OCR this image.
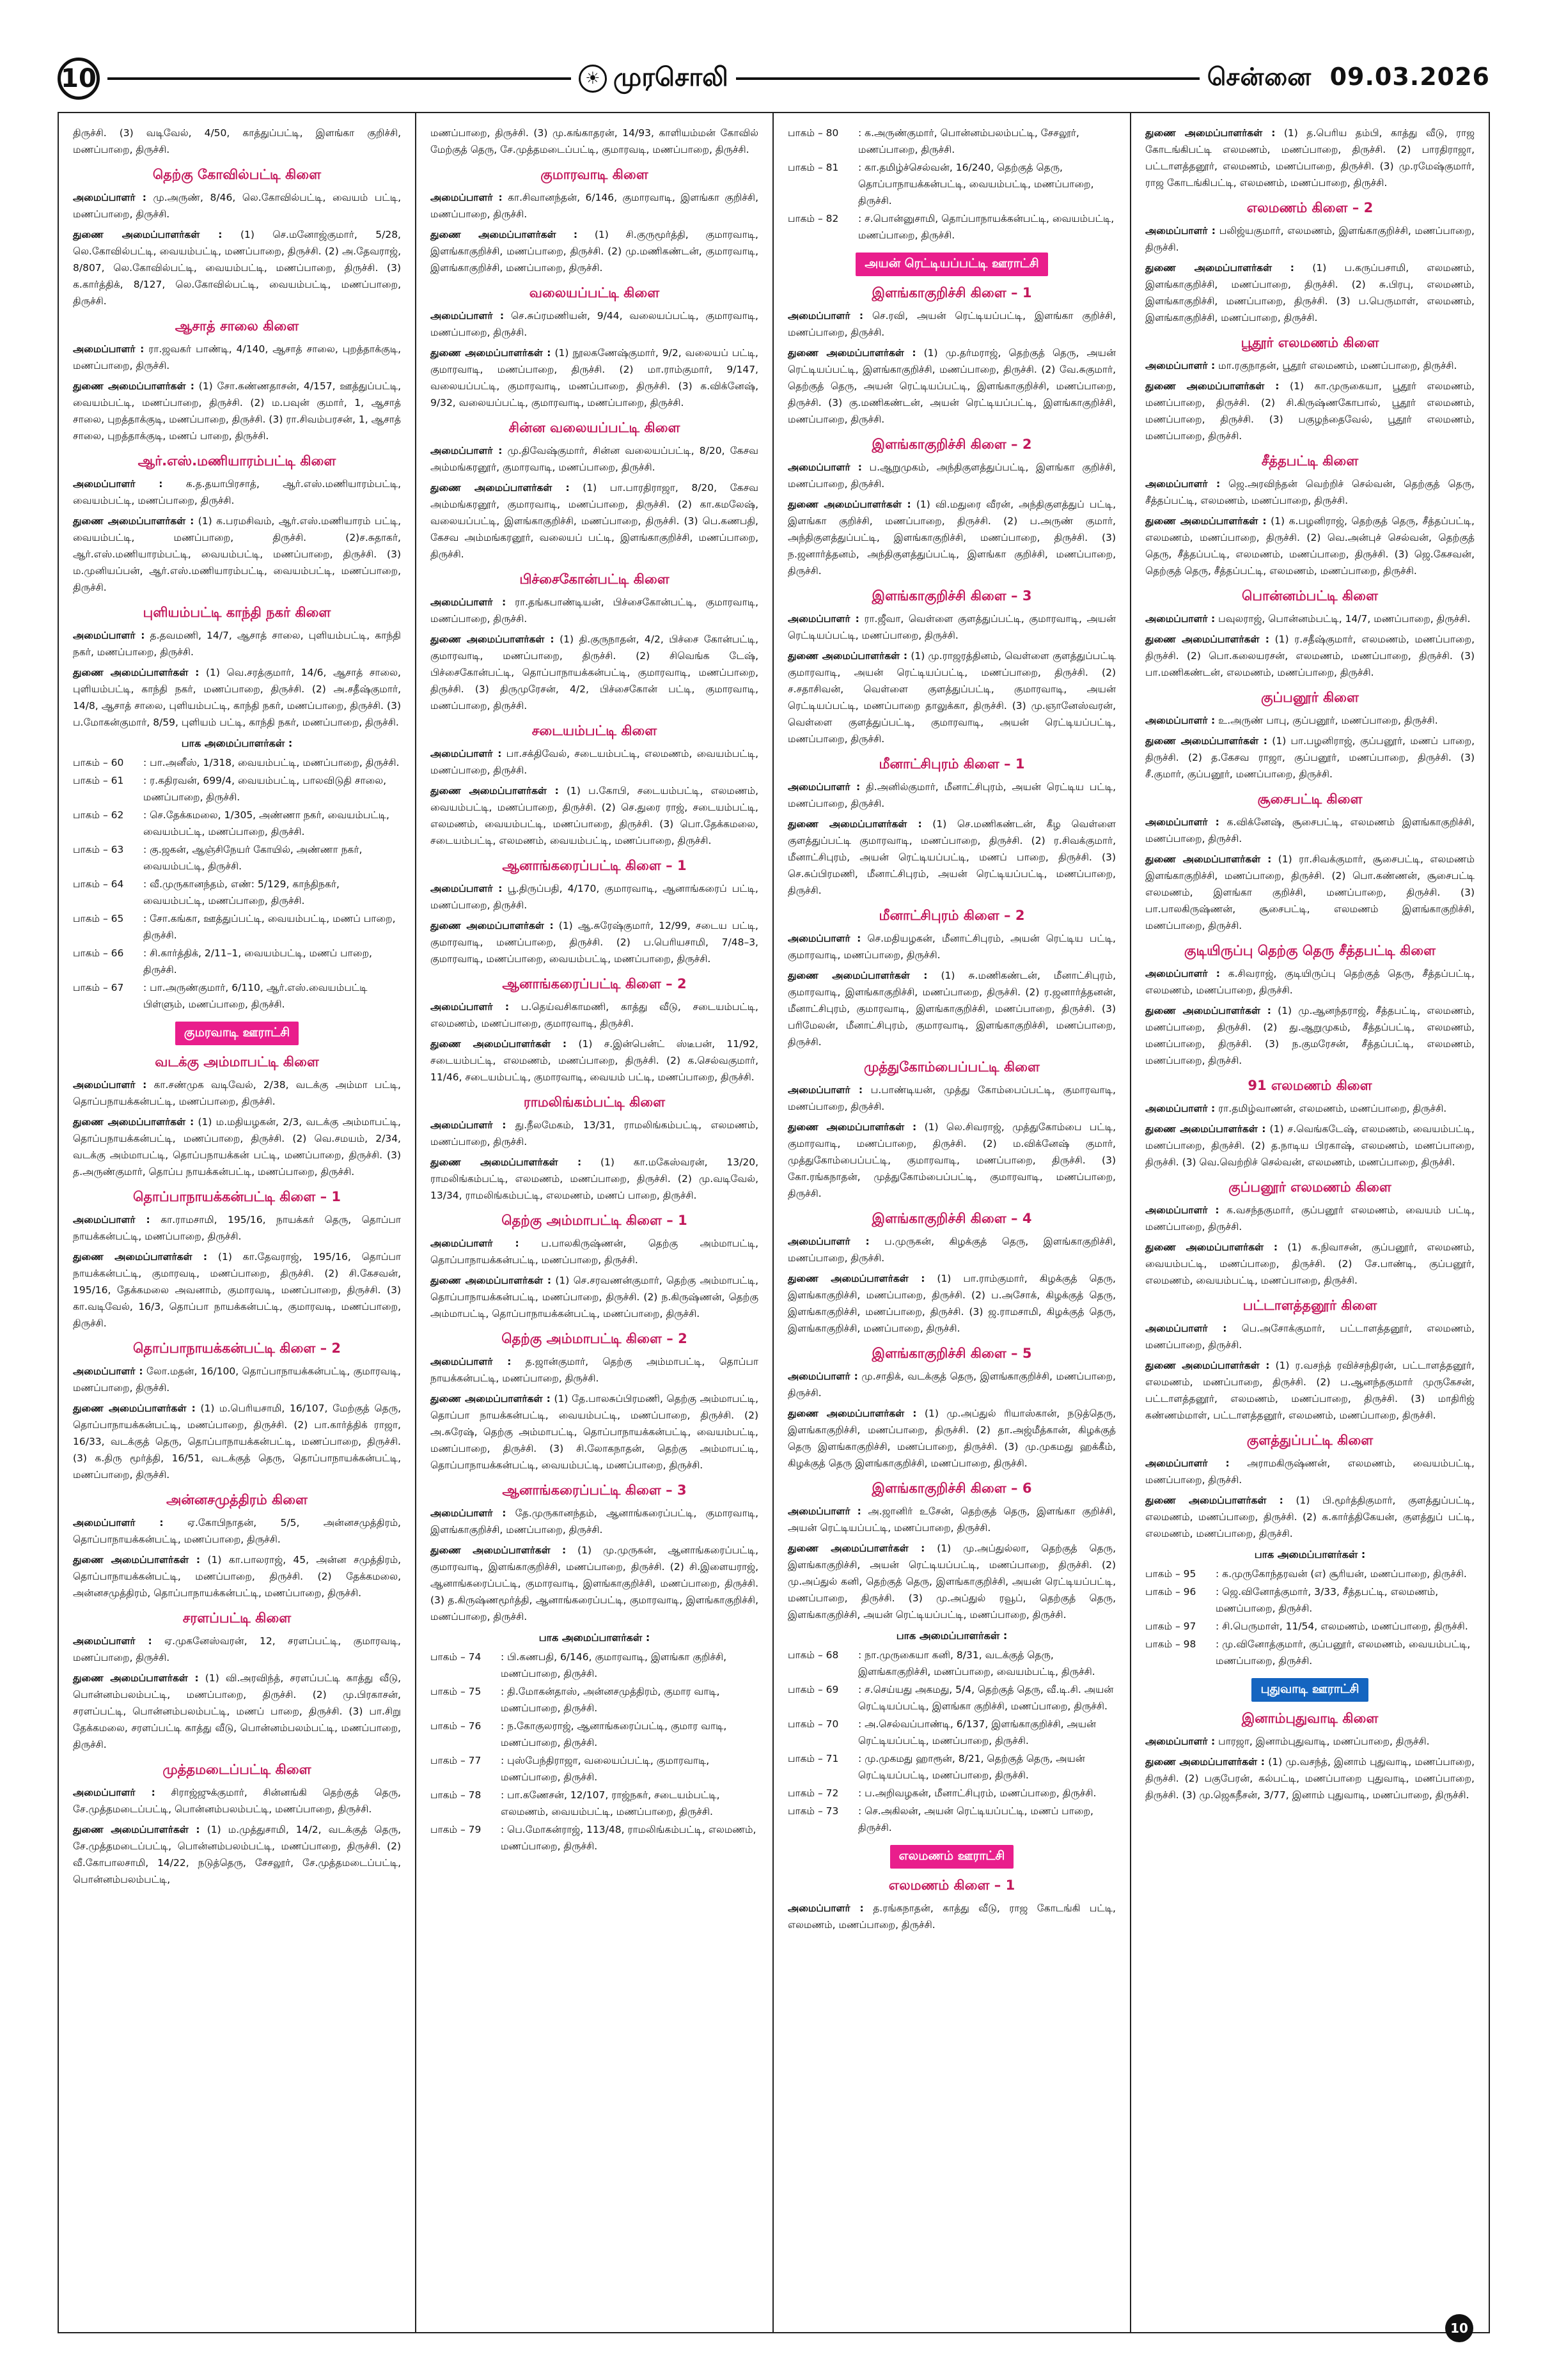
10	☀ முரசொலி	சென்னை 09.03.2026

திருச்சி. (3) வடிவேல், 4/50, காத்துப்பட்டி, இளங்கா குறிச்சி, மணப்பாறை, திருச்சி.

தெற்கு கோவில்பட்டி கிளை

அமைப்பாளர் : மு.அருண், 8/46, லெ.கோவில்பட்டி, வையம் பட்டி, மணப்பாறை, திருச்சி.

துணை அமைப்பாளர்கள் : (1) செ.மனோஜ்குமார், 5/28, லெ.கோவில்பட்டி, வையம்பட்டி, மணப்பாறை, திருச்சி. (2) அ.தேவராஜ், 8/807, லெ.கோவில்பட்டி, வையம்பட்டி, மணப்பாறை, திருச்சி. (3) க.கார்த்திக், 8/127, லெ.கோவில்பட்டி, வையம்பட்டி, மணப்பாறை, திருச்சி.

ஆசாத் சாலை கிளை

அமைப்பாளர் : ரா.ஜவகர் பாண்டி, 4/140, ஆசாத் சாலை, புறத்தாக்குடி, மணப்பாறை, திருச்சி.

துணை அமைப்பாளர்கள் : (1) சோ.கண்ணதாசன், 4/157, ஊத்துப்பட்டி, வையம்பட்டி, மணப்பாறை, திருச்சி. (2) ம.பவுன் குமார், 1, ஆசாத் சாலை, புறத்தாக்குடி, மணப்பாறை, திருச்சி. (3) ரா.சிவம்பரசன், 1, ஆசாத் சாலை, புறத்தாக்குடி, மணப் பாறை, திருச்சி.

ஆர்.எஸ்.மணியாரம்பட்டி கிளை

அமைப்பாளர் : க.த.தயாபிரசாத், ஆர்.எஸ்.மணியாரம்பட்டி, வையம்பட்டி, மணப்பாறை, திருச்சி.

துணை அமைப்பாளர்கள் : (1) க.பரமசிவம், ஆர்.எஸ்.மணியாரம் பட்டி, வையம்பட்டி, மணப்பாறை, திருச்சி. (2)ச.சுதாகர், ஆர்.எஸ்.மணியாரம்பட்டி, வையம்பட்டி, மணப்பாறை, திருச்சி. (3) ம.முனியப்பன், ஆர்.எஸ்.மணியாரம்பட்டி, வையம்பட்டி, மணப்பாறை, திருச்சி.

புளியம்பட்டி காந்தி நகர் கிளை

அமைப்பாளர் : த.தவமணி, 14/7, ஆசாத் சாலை, புளியம்பட்டி, காந்தி நகர், மணப்பாறை, திருச்சி.

துணை அமைப்பாளர்கள் : (1) வெ.சரத்குமார், 14/6, ஆசாத் சாலை, புளியம்பட்டி, காந்தி நகர், மணப்பாறை, திருச்சி. (2) அ.சதீஷ்குமார், 14/8, ஆசாத் சாலை, புளியம்பட்டி, காந்தி நகர், மணப்பாறை, திருச்சி. (3) ப.மோகன்குமார், 8/59, புளியம் பட்டி, காந்தி நகர், மணப்பாறை, திருச்சி.

பாக அமைப்பாளர்கள் :
பாகம் – 60	: பா.அனீஸ், 1/318, வையம்பட்டி, மணப்பாறை, திருச்சி.
பாகம் – 61	: ர.கதிரவன், 699/4, வையம்பட்டி, பாலவிடுதி சாலை, மணப்பாறை, திருச்சி.
பாகம் – 62	: செ.தேக்கமலை, 1/305, அண்ணா நகர், வையம்பட்டி, வையம்பட்டி, மணப்பாறை, திருச்சி.
பாகம் – 63	: கு.ஜகன், ஆஞ்சிநேயர் கோயில், அண்ணா நகர், வையம்பட்டி, திருச்சி.
பாகம் – 64	: வீ.முருகானந்தம், எண்: 5/129, காந்திநகர், வையம்பட்டி, மணப்பாறை, திருச்சி.
பாகம் – 65	: சோ.கங்கா, ஊத்துப்பட்டி, வையம்பட்டி, மணப் பாறை, திருச்சி.
பாகம் – 66	: சி.கார்த்திக், 2/11–1, வையம்பட்டி, மணப் பாறை, திருச்சி.
பாகம் – 67	: பா.அருண்குமார், 6/110, ஆர்.எஸ்.வையம்பட்டி பிள்ளும், மணப்பாறை, திருச்சி.
குமரவாடி ஊராட்சி
வடக்கு அம்மாபட்டி கிளை

அமைப்பாளர் : கா.சண்முக வடிவேல், 2/38, வடக்கு அம்மா பட்டி, தொப்பநாயக்கன்பட்டி, மணப்பாறை, திருச்சி.

துணை அமைப்பாளர்கள் : (1) ம.மதியழகன், 2/3, வடக்கு அம்மாபட்டி, தொப்பநாயக்கன்பட்டி, மணப்பாறை, திருச்சி. (2) வெ.சமயம், 2/34, வடக்கு அம்மாபட்டி, தொப்பநாயக்கன் பட்டி, மணப்பாறை, திருச்சி. (3) த.அருண்குமார், தொப்ப நாயக்கன்பட்டி, மணப்பாறை, திருச்சி.

தொப்பாநாயக்கன்பட்டி கிளை – 1

அமைப்பாளர் : கா.ராமசாமி, 195/16, நாயக்கர் தெரு, தொப்பா நாயக்கன்பட்டி, மணப்பாறை, திருச்சி.

துணை அமைப்பாளர்கள் : (1) கா.தேவராஜ், 195/16, தொப்பா நாயக்கன்பட்டி, குமாரவடி, மணப்பாறை, திருச்சி. (2) சி.கேசவன், 195/16, தேக்கமலை அவனாம், குமாரவடி, மணப்பாறை, திருச்சி. (3) கா.வடிவேல், 16/3, தொப்பா நாயக்கன்பட்டி, குமாரவடி, மணப்பாறை, திருச்சி.

தொப்பாநாயக்கன்பட்டி கிளை – 2

அமைப்பாளர் : லோ.மதன், 16/100, தொப்பாநாயக்கன்பட்டி, குமாரவடி, மணப்பாறை, திருச்சி.

துணை அமைப்பாளர்கள் : (1) ம.பெரியசாமி, 16/107, மேற்குத் தெரு, தொப்பாநாயக்கன்பட்டி, மணப்பாறை, திருச்சி. (2) பா.கார்த்திக் ராஜா, 16/33, வடக்குத் தெரு, தொப்பாநாயக்கன்பட்டி, மணப்பாறை, திருச்சி. (3) க.திரு மூர்த்தி, 16/51, வடக்குத் தெரு, தொப்பாநாயக்கன்பட்டி, மணப்பாறை, திருச்சி.

அன்னசமுத்திரம் கிளை

அமைப்பாளர் : ஏ.கோபிநாதன், 5/5, அன்னசமுத்திரம், தொப்பாநாயக்கன்பட்டி, மணப்பாறை, திருச்சி.

துணை அமைப்பாளர்கள் : (1) கா.பாலராஜ், 45, அன்ன சமுத்திரம், தொப்பாநாயக்கன்பட்டி, மணப்பாறை, திருச்சி. (2) தேக்கமலை, அன்னசமுத்திரம், தொப்பாநாயக்கன்பட்டி, மணப்பாறை, திருச்சி.

சரளப்பட்டி கிளை

அமைப்பாளர் : ஏ.முகனேஸ்வரன், 12, சரளப்பட்டி, குமாரவடி, மணப்பாறை, திருச்சி.

துணை அமைப்பாளர்கள் : (1) வி.அரவிந்த், சரளப்பட்டி காத்து வீடு, பொன்னம்பலம்பட்டி, மணப்பாறை, திருச்சி. (2) மு.பிரகாசன், சரளப்பட்டி, பொன்னம்பலம்பட்டி, மணப் பாறை, திருச்சி. (3) பா.சிறு தேக்கமலை, சரளப்பட்டி காத்து வீடு, பொன்னம்பலம்பட்டி, மணப்பாறை, திருச்சி.

முத்தமடைப்பட்டி கிளை

அமைப்பாளர் : சிராஜ்ஜுக்குமார், சின்னங்கி தெற்குத் தெரு, சே.முத்தமடைப்பட்டி, பொன்னம்பலம்பட்டி, மணப்பாறை, திருச்சி.

துணை அமைப்பாளர்கள் : (1) ம.முத்துசாமி, 14/2, வடக்குத் தெரு, சே.முத்தமடைப்பட்டி, பொன்னம்பலம்பட்டி, மணப்பாறை, திருச்சி. (2) வீ.கோபாலசாமி, 14/22, நடுத்தெரு, சேசலூர், சே.முத்தமடைப்பட்டி, பொன்னம்பலம்பட்டி,

மணப்பாறை, திருச்சி. (3) மு.கங்காதரன், 14/93, காளியம்மன் கோவில் மேற்குத் தெரு, சே.முத்தமடைப்பட்டி, குமாரவடி, மணப்பாறை, திருச்சி.

குமாரவாடி கிளை

அமைப்பாளர் : கா.சிவானந்தன், 6/146, குமாரவாடி, இளங்கா குறிச்சி, மணப்பாறை, திருச்சி.

துணை அமைப்பாளர்கள் : (1) சி.குருமூர்த்தி, குமாரவாடி, இளங்காகுறிச்சி, மணப்பாறை, திருச்சி. (2) மு.மணிகண்டன், குமாரவாடி, இளங்காகுறிச்சி, மணப்பாறை, திருச்சி.

வலையப்பட்டி கிளை

அமைப்பாளர் : செ.சுப்ரமணியன், 9/44, வலையப்பட்டி, குமாரவாடி, மணப்பாறை, திருச்சி.

துணை அமைப்பாளர்கள் : (1) நூலகணேஷ்குமார், 9/2, வலையப் பட்டி, குமாரவாடி, மணப்பாறை, திருச்சி. (2) மா.ராம்குமார், 9/147, வலையப்பட்டி, குமாரவாடி, மணப்பாறை, திருச்சி. (3) க.விக்னேஷ், 9/32, வலையப்பட்டி, குமாரவாடி, மணப்பாறை, திருச்சி.

சின்ன வலையப்பட்டி கிளை

அமைப்பாளர் : மு.திவேஷ்குமார், சின்ன வலையப்பட்டி, 8/20, கேசவ அம்மங்கரனூர், குமாரவாடி, மணப்பாறை, திருச்சி.

துணை அமைப்பாளர்கள் : (1) பா.பாரதிராஜா, 8/20, கேசவ அம்மங்கரனூர், குமாரவாடி, மணப்பாறை, திருச்சி. (2) கா.கமலேஷ், வலையப்பட்டி, இளங்காகுறிச்சி, மணப்பாறை, திருச்சி. (3) பெ.கணபதி, கேசவ அம்மங்கரனூர், வலையப் பட்டி, இளங்காகுறிச்சி, மணப்பாறை, திருச்சி.

பிச்சைகோன்பட்டி கிளை

அமைப்பாளர் : ரா.தங்கபாண்டியன், பிச்சைகோன்பட்டி, குமாரவாடி, மணப்பாறை, திருச்சி.

துணை அமைப்பாளர்கள் : (1) தி.குருநாதன், 4/2, பிச்சை கோன்பட்டி, குமாரவாடி, மணப்பாறை, திருச்சி. (2) சிவெங்க டேஷ், பிச்சைகோன்பட்டி, தொப்பாநாயக்கன்பட்டி, குமாரவாடி, மணப்பாறை, திருச்சி. (3) திருமுரேசன், 4/2, பிச்சைகோன் பட்டி, குமாரவாடி, மணப்பாறை, திருச்சி.

சடையம்பட்டி கிளை

அமைப்பாளர் : பா.சக்திவேல், சடையம்பட்டி, எலமணம், வையம்பட்டி, மணப்பாறை, திருச்சி.

துணை அமைப்பாளர்கள் : (1) ப.கோபி, சடையம்பட்டி, எலமணம், வையம்பட்டி, மணப்பாறை, திருச்சி. (2) செ.துரை ராஜ், சடையம்பட்டி, எலமணம், வையம்பட்டி, மணப்பாறை, திருச்சி. (3) பொ.தேக்கமலை, சடையம்பட்டி, எலமணம், வையம்பட்டி, மணப்பாறை, திருச்சி.

ஆனாங்கரைப்பட்டி கிளை – 1

அமைப்பாளர் : பூ.திருப்பதி, 4/170, குமாரவாடி, ஆனாங்கரைப் பட்டி, மணப்பாறை, திருச்சி.

துணை அமைப்பாளர்கள் : (1) ஆ.சுரேஷ்குமார், 12/99, சடைய பட்டி, குமாரவாடி, மணப்பாறை, திருச்சி. (2) ப.பெரியசாமி, 7/48–3, குமாரவாடி, மணப்பாறை, வையம்பட்டி, மணப்பாறை, திருச்சி.

ஆனாங்கரைப்பட்டி கிளை – 2

அமைப்பாளர் : ப.தெய்வசிகாமணி, காத்து வீடு, சடையம்பட்டி, எலமணம், மணப்பாறை, குமாரவாடி, திருச்சி.

துணை அமைப்பாளர்கள் : (1) ச.இன்பென்ட் ஸ்டீபன், 11/92, சடையம்பட்டி, எலமணம், மணப்பாறை, திருச்சி. (2) க.செல்வகுமார், 11/46, சடையம்பட்டி, குமாரவாடி, வையம் பட்டி, மணப்பாறை, திருச்சி.

ராமலிங்கம்பட்டி கிளை

அமைப்பாளர் : து.நீலமேகம், 13/31, ராமலிங்கம்பட்டி, எலமணம், மணப்பாறை, திருச்சி.

துணை அமைப்பாளர்கள் : (1) கா.மகேஸ்வரன், 13/20, ராமலிங்கம்பட்டி, எலமணம், மணப்பாறை, திருச்சி. (2) மு.வடிவேல், 13/34, ராமலிங்கம்பட்டி, எலமணம், மணப் பாறை, திருச்சி.

தெற்கு அம்மாபட்டி கிளை – 1

அமைப்பாளர் : ப.பாலகிருஷ்ணன், தெற்கு அம்மாபட்டி, தொப்பாநாயக்கன்பட்டி, மணப்பாறை, திருச்சி.

துணை அமைப்பாளர்கள் : (1) செ.சரவணன்குமார், தெற்கு அம்மாபட்டி, தொப்பாநாயக்கன்பட்டி, மணப்பாறை, திருச்சி. (2) ந.கிருஷ்ணன், தெற்கு அம்மாபட்டி, தொப்பாநாயக்கன்பட்டி, மணப்பாறை, திருச்சி.

தெற்கு அம்மாபட்டி கிளை – 2

அமைப்பாளர் : த.ஜான்குமார், தெற்கு அம்மாபட்டி, தொப்பா நாயக்கன்பட்டி, மணப்பாறை, திருச்சி.

துணை அமைப்பாளர்கள் : (1) தே.பாலசுப்பிரமணி, தெற்கு அம்மாபட்டி, தொப்பா நாயக்கன்பட்டி, வையம்பட்டி, மணப்பாறை, திருச்சி. (2) அ.சுரேஷ், தெற்கு அம்மாபட்டி, தொப்பாநாயக்கன்பட்டி, வையம்பட்டி, மணப்பாறை, திருச்சி. (3) சி.லோகநாதன், தெற்கு அம்மாபட்டி, தொப்பாநாயக்கன்பட்டி, வையம்பட்டி, மணப்பாறை, திருச்சி.

ஆனாங்கரைப்பட்டி கிளை – 3

அமைப்பாளர் : தே.முருகானந்தம், ஆனாங்கரைப்பட்டி, குமாரவாடி, இளங்காகுறிச்சி, மணப்பாறை, திருச்சி.

துணை அமைப்பாளர்கள் : (1) மு.முருகன், ஆனாங்கரைப்பட்டி, குமாரவாடி, இளங்காகுறிச்சி, மணப்பாறை, திருச்சி. (2) சி.இளையராஜ், ஆனாங்கரைப்பட்டி, குமாரவாடி, இளங்காகுறிச்சி, மணப்பாறை, திருச்சி. (3) த.கிருஷ்ணமூர்த்தி, ஆனாங்கரைப்பட்டி, குமாரவாடி, இளங்காகுறிச்சி, மணப்பாறை, திருச்சி.

பாக அமைப்பாளர்கள் :
பாகம் – 74	: பி.கணபதி, 6/146, குமாரவாடி, இளங்கா குறிச்சி, மணப்பாறை, திருச்சி.
பாகம் – 75	: தி.மோகன்தாஸ், அன்னசமுத்திரம், குமார வாடி, மணப்பாறை, திருச்சி.
பாகம் – 76	: ந.கோகுலராஜ், ஆனாங்கரைப்பட்டி, குமார வாடி, மணப்பாறை, திருச்சி.
பாகம் – 77	: புஸ்பேந்திராஜா, வலையப்பட்டி, குமாரவாடி, மணப்பாறை, திருச்சி.
பாகம் – 78	: பா.கணேசன், 12/107, ராஜ்நகர், சடையம்பட்டி, எலமணம், வையம்பட்டி, மணப்பாறை, திருச்சி.
பாகம் – 79	: பெ.மோகன்ராஜ், 113/48, ராமலிங்கம்பட்டி, எலமணம், மணப்பாறை, திருச்சி.
பாகம் – 80	: க.அருண்குமார், பொன்னம்பலம்பட்டி, சேசலூர், மணப்பாறை, திருச்சி.
பாகம் – 81	: கா.தமிழ்ச்செல்வன், 16/240, தெற்குத் தெரு, தொப்பாநாயக்கன்பட்டி, வையம்பட்டி, மணப்பாறை, திருச்சி.
பாகம் – 82	: ச.பொன்னுசாமி, தொப்பாநாயக்கன்பட்டி, வையம்பட்டி, மணப்பாறை, திருச்சி.
அயன் ரெட்டியப்பட்டி ஊராட்சி
இளங்காகுறிச்சி கிளை – 1

அமைப்பாளர் : செ.ரவி, அயன் ரெட்டியப்பட்டி, இளங்கா குறிச்சி, மணப்பாறை, திருச்சி.

துணை அமைப்பாளர்கள் : (1) மு.தர்மராஜ், தெற்குத் தெரு, அயன் ரெட்டியப்பட்டி, இளங்காகுறிச்சி, மணப்பாறை, திருச்சி. (2) வே.சுகுமார், தெற்குத் தெரு, அயன் ரெட்டியப்பட்டி, இளங்காகுறிச்சி, மணப்பாறை, திருச்சி. (3) கு.மணிகண்டன், அயன் ரெட்டியப்பட்டி, இளங்காகுறிச்சி, மணப்பாறை, திருச்சி.

இளங்காகுறிச்சி கிளை – 2

அமைப்பாளர் : ப.ஆறுமுகம், அந்திகுளத்துப்பட்டி, இளங்கா குறிச்சி, மணப்பாறை, திருச்சி.

துணை அமைப்பாளர்கள் : (1) வி.மதுரை வீரன், அந்திகுளத்துப் பட்டி, இளங்கா குறிச்சி, மணப்பாறை, திருச்சி. (2) ப.அருண் குமார், அந்திகுளத்துப்பட்டி, இளங்காகுறிச்சி, மணப்பாறை, திருச்சி. (3) ந.ஜனார்த்தனம், அந்திகுளத்துப்பட்டி, இளங்கா குறிச்சி, மணப்பாறை, திருச்சி.

இளங்காகுறிச்சி கிளை – 3

அமைப்பாளர் : ரா.ஜீவா, வெள்ளை குளத்துப்பட்டி, குமாரவாடி, அயன் ரெட்டியப்பட்டி, மணப்பாறை, திருச்சி.

துணை அமைப்பாளர்கள் : (1) மு.ராஜரத்தினம், வெள்ளை குளத்துப்பட்டி குமாரவாடி, அயன் ரெட்டியப்பட்டி, மணப்பாறை, திருச்சி. (2) ச.சதாசிவன், வெள்ளை குளத்துப்பட்டி, குமாரவாடி, அயன் ரெட்டியப்பட்டி, மணப்பாறை தாலுக்கா, திருச்சி. (3) மு.ஞானேஸ்வரன், வெள்ளை குளத்துப்பட்டி, குமாரவாடி, அயன் ரெட்டியப்பட்டி, மணப்பாறை, திருச்சி.

மீனாட்சிபுரம் கிளை – 1

அமைப்பாளர் : தி.அனில்குமார், மீனாட்சிபுரம், அயன் ரெட்டிய பட்டி, மணப்பாறை, திருச்சி.

துணை அமைப்பாளர்கள் : (1) செ.மணிகண்டன், கீழ வெள்ளை குளத்துப்பட்டி குமாரவாடி, மணப்பாறை, திருச்சி. (2) ர.சிவக்குமார், மீனாட்சிபுரம், அயன் ரெட்டியப்பட்டி, மணப் பாறை, திருச்சி. (3) செ.சுப்பிரமணி, மீனாட்சிபுரம், அயன் ரெட்டியப்பட்டி, மணப்பாறை, திருச்சி.

மீனாட்சிபுரம் கிளை – 2

அமைப்பாளர் : செ.மதியழகன், மீனாட்சிபுரம், அயன் ரெட்டிய பட்டி, குமாரவாடி, மணப்பாறை, திருச்சி.

துணை அமைப்பாளர்கள் : (1) சு.மணிகண்டன், மீனாட்சிபுரம், குமாரவாடி, இளங்காகுறிச்சி, மணப்பாறை, திருச்சி. (2) ர.ஜனார்த்தனன், மீனாட்சிபுரம், குமாரவாடி, இளங்காகுறிச்சி, மணப்பாறை, திருச்சி. (3) பரிமேலன், மீனாட்சிபுரம், குமாரவாடி, இளங்காகுறிச்சி, மணப்பாறை, திருச்சி.

முத்துகோம்பைப்பட்டி கிளை

அமைப்பாளர் : ப.பாண்டியன், முத்து கோம்பைப்பட்டி, குமாரவாடி, மணப்பாறை, திருச்சி.

துணை அமைப்பாளர்கள் : (1) லெ.சிவராஜ், முத்துகோம்பை பட்டி, குமாரவாடி, மணப்பாறை, திருச்சி. (2) ம.விக்னேஷ் குமார், முத்துகோம்பைப்பட்டி, குமாரவாடி, மணப்பாறை, திருச்சி. (3) கோ.ரங்கநாதன், முத்துகோம்பைப்பட்டி, குமாரவாடி, மணப்பாறை, திருச்சி.

இளங்காகுறிச்சி கிளை – 4

அமைப்பாளர் : ப.முருகன், கிழக்குத் தெரு, இளங்காகுறிச்சி, மணப்பாறை, திருச்சி.

துணை அமைப்பாளர்கள் : (1) பா.ராம்குமார், கிழக்குத் தெரு, இளங்காகுறிச்சி, மணப்பாறை, திருச்சி. (2) ப.அசோக், கிழக்குத் தெரு, இளங்காகுறிச்சி, மணப்பாறை, திருச்சி. (3) ஜ.ராமசாமி, கிழக்குத் தெரு, இளங்காகுறிச்சி, மணப்பாறை, திருச்சி.

இளங்காகுறிச்சி கிளை – 5

அமைப்பாளர் : மு.சாதிக், வடக்குத் தெரு, இளங்காகுறிச்சி, மணப்பாறை, திருச்சி.

துணை அமைப்பாளர்கள் : (1) மு.அப்துல் ரியாஸ்கான், நடுத்தெரு, இளங்காகுறிச்சி, மணப்பாறை, திருச்சி. (2) தா.அஜ்மீத்கான், கிழக்குத் தெரு இளங்காகுறிச்சி, மணப்பாறை, திருச்சி. (3) மு.முகமது ஹக்கீம், கிழக்குத் தெரு இளங்காகுறிச்சி, மணப்பாறை, திருச்சி.

இளங்காகுறிச்சி கிளை – 6

அமைப்பாளர் : அ.ஜானிர் உசேன், தெற்குத் தெரு, இளங்கா குறிச்சி, அயன் ரெட்டியப்பட்டி, மணப்பாறை, திருச்சி.

துணை அமைப்பாளர்கள் : (1) மு.அப்துல்லா, தெற்குத் தெரு, இளங்காகுறிச்சி, அயன் ரெட்டியப்பட்டி, மணப்பாறை, திருச்சி. (2) மு.அப்துல் கனி, தெற்குத் தெரு, இளங்காகுறிச்சி, அயன் ரெட்டியப்பட்டி, மணப்பாறை, திருச்சி. (3) மு.அப்துல் ரவூப், தெற்குத் தெரு, இளங்காகுறிச்சி, அயன் ரெட்டியப்பட்டி, மணப்பாறை, திருச்சி.

பாக அமைப்பாளர்கள் :
பாகம் – 68	: நா.முருகையா கனி, 8/31, வடக்குத் தெரு, இளங்காகுறிச்சி, மணப்பாறை, வையம்பட்டி, திருச்சி.
பாகம் – 69	: ச.செய்யது அகமது, 5/4, தெற்குத் தெரு, வீ.டி.சி. அயன் ரெட்டியப்பட்டி, இளங்கா குறிச்சி, மணப்பாறை, திருச்சி.
பாகம் – 70	: அ.செல்வப்பாண்டி, 6/137, இளங்காகுறிச்சி, அயன் ரெட்டியப்பட்டி, மணப்பாறை, திருச்சி.
பாகம் – 71	: மு.முகமது ஹாரூன், 8/21, தெற்குத் தெரு, அயன் ரெட்டியப்பட்டி, மணப்பாறை, திருச்சி.
பாகம் – 72	: ப.அறிவழகன், மீனாட்சிபுரம், மணப்பாறை, திருச்சி.
பாகம் – 73	: செ.அகிலன், அயன் ரெட்டியப்பட்டி, மணப் பாறை, திருச்சி.
எலமணம் ஊராட்சி
எலமணம் கிளை – 1

அமைப்பாளர் : த.ரங்கநாதன், காத்து வீடு, ராஜ கோடங்கி பட்டி, எலமணம், மணப்பாறை, திருச்சி.

துணை அமைப்பாளர்கள் : (1) த.பெரிய தம்பி, காத்து வீடு, ராஜ கோடங்கிபட்டி எலமணம், மணப்பாறை, திருச்சி. (2) பாரதிராஜா, பட்டாளத்தனூர், எலமணம், மணப்பாறை, திருச்சி. (3) மு.ரமேஷ்குமார், ராஜ கோடங்கிபட்டி, எலமணம், மணப்பாறை, திருச்சி.

எலமணம் கிளை – 2

அமைப்பாளர் : பலிஜ்யகுமார், எலமணம், இளங்காகுறிச்சி, மணப்பாறை, திருச்சி.

துணை அமைப்பாளர்கள் : (1) ப.கருப்பசாமி, எலமணம், இளங்காகுறிச்சி, மணப்பாறை, திருச்சி. (2) சு.பிரபு, எலமணம், இளங்காகுறிச்சி, மணப்பாறை, திருச்சி. (3) ப.பெருமாள், எலமணம், இளங்காகுறிச்சி, மணப்பாறை, திருச்சி.

பூதூர் எலமணம் கிளை

அமைப்பாளர் : மா.ரகுநாதன், பூதூர் எலமணம், மணப்பாறை, திருச்சி.

துணை அமைப்பாளர்கள் : (1) கா.முருகையா, பூதூர் எலமணம், மணப்பாறை, திருச்சி. (2) சி.கிருஷ்ணகோபால், பூதூர் எலமணம், மணப்பாறை, திருச்சி. (3) பகுழந்தைவேல், பூதூர் எலமணம், மணப்பாறை, திருச்சி.

சீத்தபட்டி கிளை

அமைப்பாளர் : ஜெ.அரவிந்தன் வெற்றிச் செல்வன், தெற்குத் தெரு, சீத்தப்பட்டி, எலமணம், மணப்பாறை, திருச்சி.

துணை அமைப்பாளர்கள் : (1) க.பழனிராஜ், தெற்குத் தெரு, சீத்தப்பட்டி, எலமணம், மணப்பாறை, திருச்சி. (2) வெ.அன்புச் செல்வன், தெற்குத் தெரு, சீத்தப்பட்டி, எலமணம், மணப்பாறை, திருச்சி. (3) ஜெ.கேசவன், தெற்குத் தெரு, சீத்தப்பட்டி, எலமணம், மணப்பாறை, திருச்சி.

பொன்னம்பட்டி கிளை

அமைப்பாளர் : பவுலராஜ், பொன்னம்பட்டி, 14/7, மணப்பாறை, திருச்சி.

துணை அமைப்பாளர்கள் : (1) ர.சதீஷ்குமார், எலமணம், மணப்பாறை, திருச்சி. (2) பொ.கலையரசன், எலமணம், மணப்பாறை, திருச்சி. (3) பா.மணிகண்டன், எலமணம், மணப்பாறை, திருச்சி.

குப்பனூர் கிளை

அமைப்பாளர் : உ.அருண் பாபு, குப்பனூர், மணப்பாறை, திருச்சி.

துணை அமைப்பாளர்கள் : (1) பா.பழனிராஜ், குப்பனூர், மணப் பாறை, திருச்சி. (2) த.கேசவ ராஜா, குப்பனூர், மணப்பாறை, திருச்சி. (3) சீ.குமார், குப்பனூர், மணப்பாறை, திருச்சி.

சூசைபட்டி கிளை

அமைப்பாளர் : க.விக்னேஷ், சூசைபட்டி, எலமணம் இளங்காகுறிச்சி, மணப்பாறை, திருச்சி.

துணை அமைப்பாளர்கள் : (1) ரா.சிவக்குமார், சூசைபட்டி, எலமணம் இளங்காகுறிச்சி, மணப்பாறை, திருச்சி. (2) பொ.கண்ணன், சூசைபட்டி எலமணம், இளங்கா குறிச்சி, மணப்பாறை, திருச்சி. (3) பா.பாலகிருஷ்ணன், சூசைபட்டி, எலமணம் இளங்காகுறிச்சி, மணப்பாறை, திருச்சி.

குடியிருப்பு தெற்கு தெரு சீத்தபட்டி கிளை

அமைப்பாளர் : க.சிவராஜ், குடியிருப்பு தெற்குத் தெரு, சீத்தப்பட்டி, எலமணம், மணப்பாறை, திருச்சி.

துணை அமைப்பாளர்கள் : (1) மு.ஆனந்தராஜ், சீத்தபட்டி, எலமணம், மணப்பாறை, திருச்சி. (2) து.ஆறுமுகம், சீத்தப்பட்டி, எலமணம், மணப்பாறை, திருச்சி. (3) ந.குமரேசன், சீத்தப்பட்டி, எலமணம், மணப்பாறை, திருச்சி.

91 எலமணம் கிளை

அமைப்பாளர் : ரா.தமிழ்வாணன், எலமணம், மணப்பாறை, திருச்சி.

துணை அமைப்பாளர்கள் : (1) ச.வெங்கடேஷ், எலமணம், வையம்பட்டி, மணப்பாறை, திருச்சி. (2) த.நாடிய பிரகாஷ், எலமணம், மணப்பாறை, திருச்சி. (3) வெ.வெற்றிச் செல்வன், எலமணம், மணப்பாறை, திருச்சி.

குப்பனூர் எலமணம் கிளை

அமைப்பாளர் : க.வசந்தகுமார், குப்பனூர் எலமணம், வையம் பட்டி, மணப்பாறை, திருச்சி.

துணை அமைப்பாளர்கள் : (1) க.நிவாசன், குப்பனூர், எலமணம், வையம்பட்டி, மணப்பாறை, திருச்சி. (2) சே.பாண்டி, குப்பனூர், எலமணம், வையம்பட்டி, மணப்பாறை, திருச்சி.

பட்டாளத்தனூர் கிளை

அமைப்பாளர் : பெ.அசோக்குமார், பட்டாளத்தனூர், எலமணம், மணப்பாறை, திருச்சி.

துணை அமைப்பாளர்கள் : (1) ர.வசந்த் ரவிச்சந்திரன், பட்டாளத்தனூர், எலமணம், மணப்பாறை, திருச்சி. (2) ப.ஆனந்தகுமார் முருகேசன், பட்டாளத்தனூர், எலமணம், மணப்பாறை, திருச்சி. (3) மாதிரிஜ் கண்ணம்மாள், பட்டாளத்தனூர், எலமணம், மணப்பாறை, திருச்சி.

குளத்துப்பட்டி கிளை

அமைப்பாளர் : அராமகிருஷ்ணன், எலமணம், வையம்பட்டி, மணப்பாறை, திருச்சி.

துணை அமைப்பாளர்கள் : (1) பி.மூர்த்திகுமார், குளத்துப்பட்டி, எலமணம், மணப்பாறை, திருச்சி. (2) க.கார்த்திகேயன், குளத்துப் பட்டி, எலமணம், மணப்பாறை, திருச்சி.

பாக அமைப்பாளர்கள் :
பாகம் – 95	: க.முருகோந்தரவன் (எ) சூரியன், மணப்பாறை, திருச்சி.
பாகம் – 96	: ஜெ.வினோத்குமார், 3/33, சீத்தபட்டி, எலமணம், மணப்பாறை, திருச்சி.
பாகம் – 97	: சி.பெருமாள், 11/54, எலமணம், மணப்பாறை, திருச்சி.
பாகம் – 98	: மு.வினோத்குமார், குப்பனூர், எலமணம், வையம்பட்டி, மணப்பாறை, திருச்சி.
புதுவாடி ஊராட்சி
இனாம்புதுவாடி கிளை

அமைப்பாளர் : பாரஜா, இனாம்புதுவாடி, மணப்பாறை, திருச்சி.

துணை அமைப்பாளர்கள் : (1) மு.வசந்த், இனாம் புதுவாடி, மணப்பாறை, திருச்சி. (2) பகுபேரன், கல்பட்டி, மணப்பாறை புதுவாடி, மணப்பாறை, திருச்சி. (3) மு.ஜெகநீசன், 3/77, இனாம் புதுவாடி, மணப்பாறை, திருச்சி.

10
